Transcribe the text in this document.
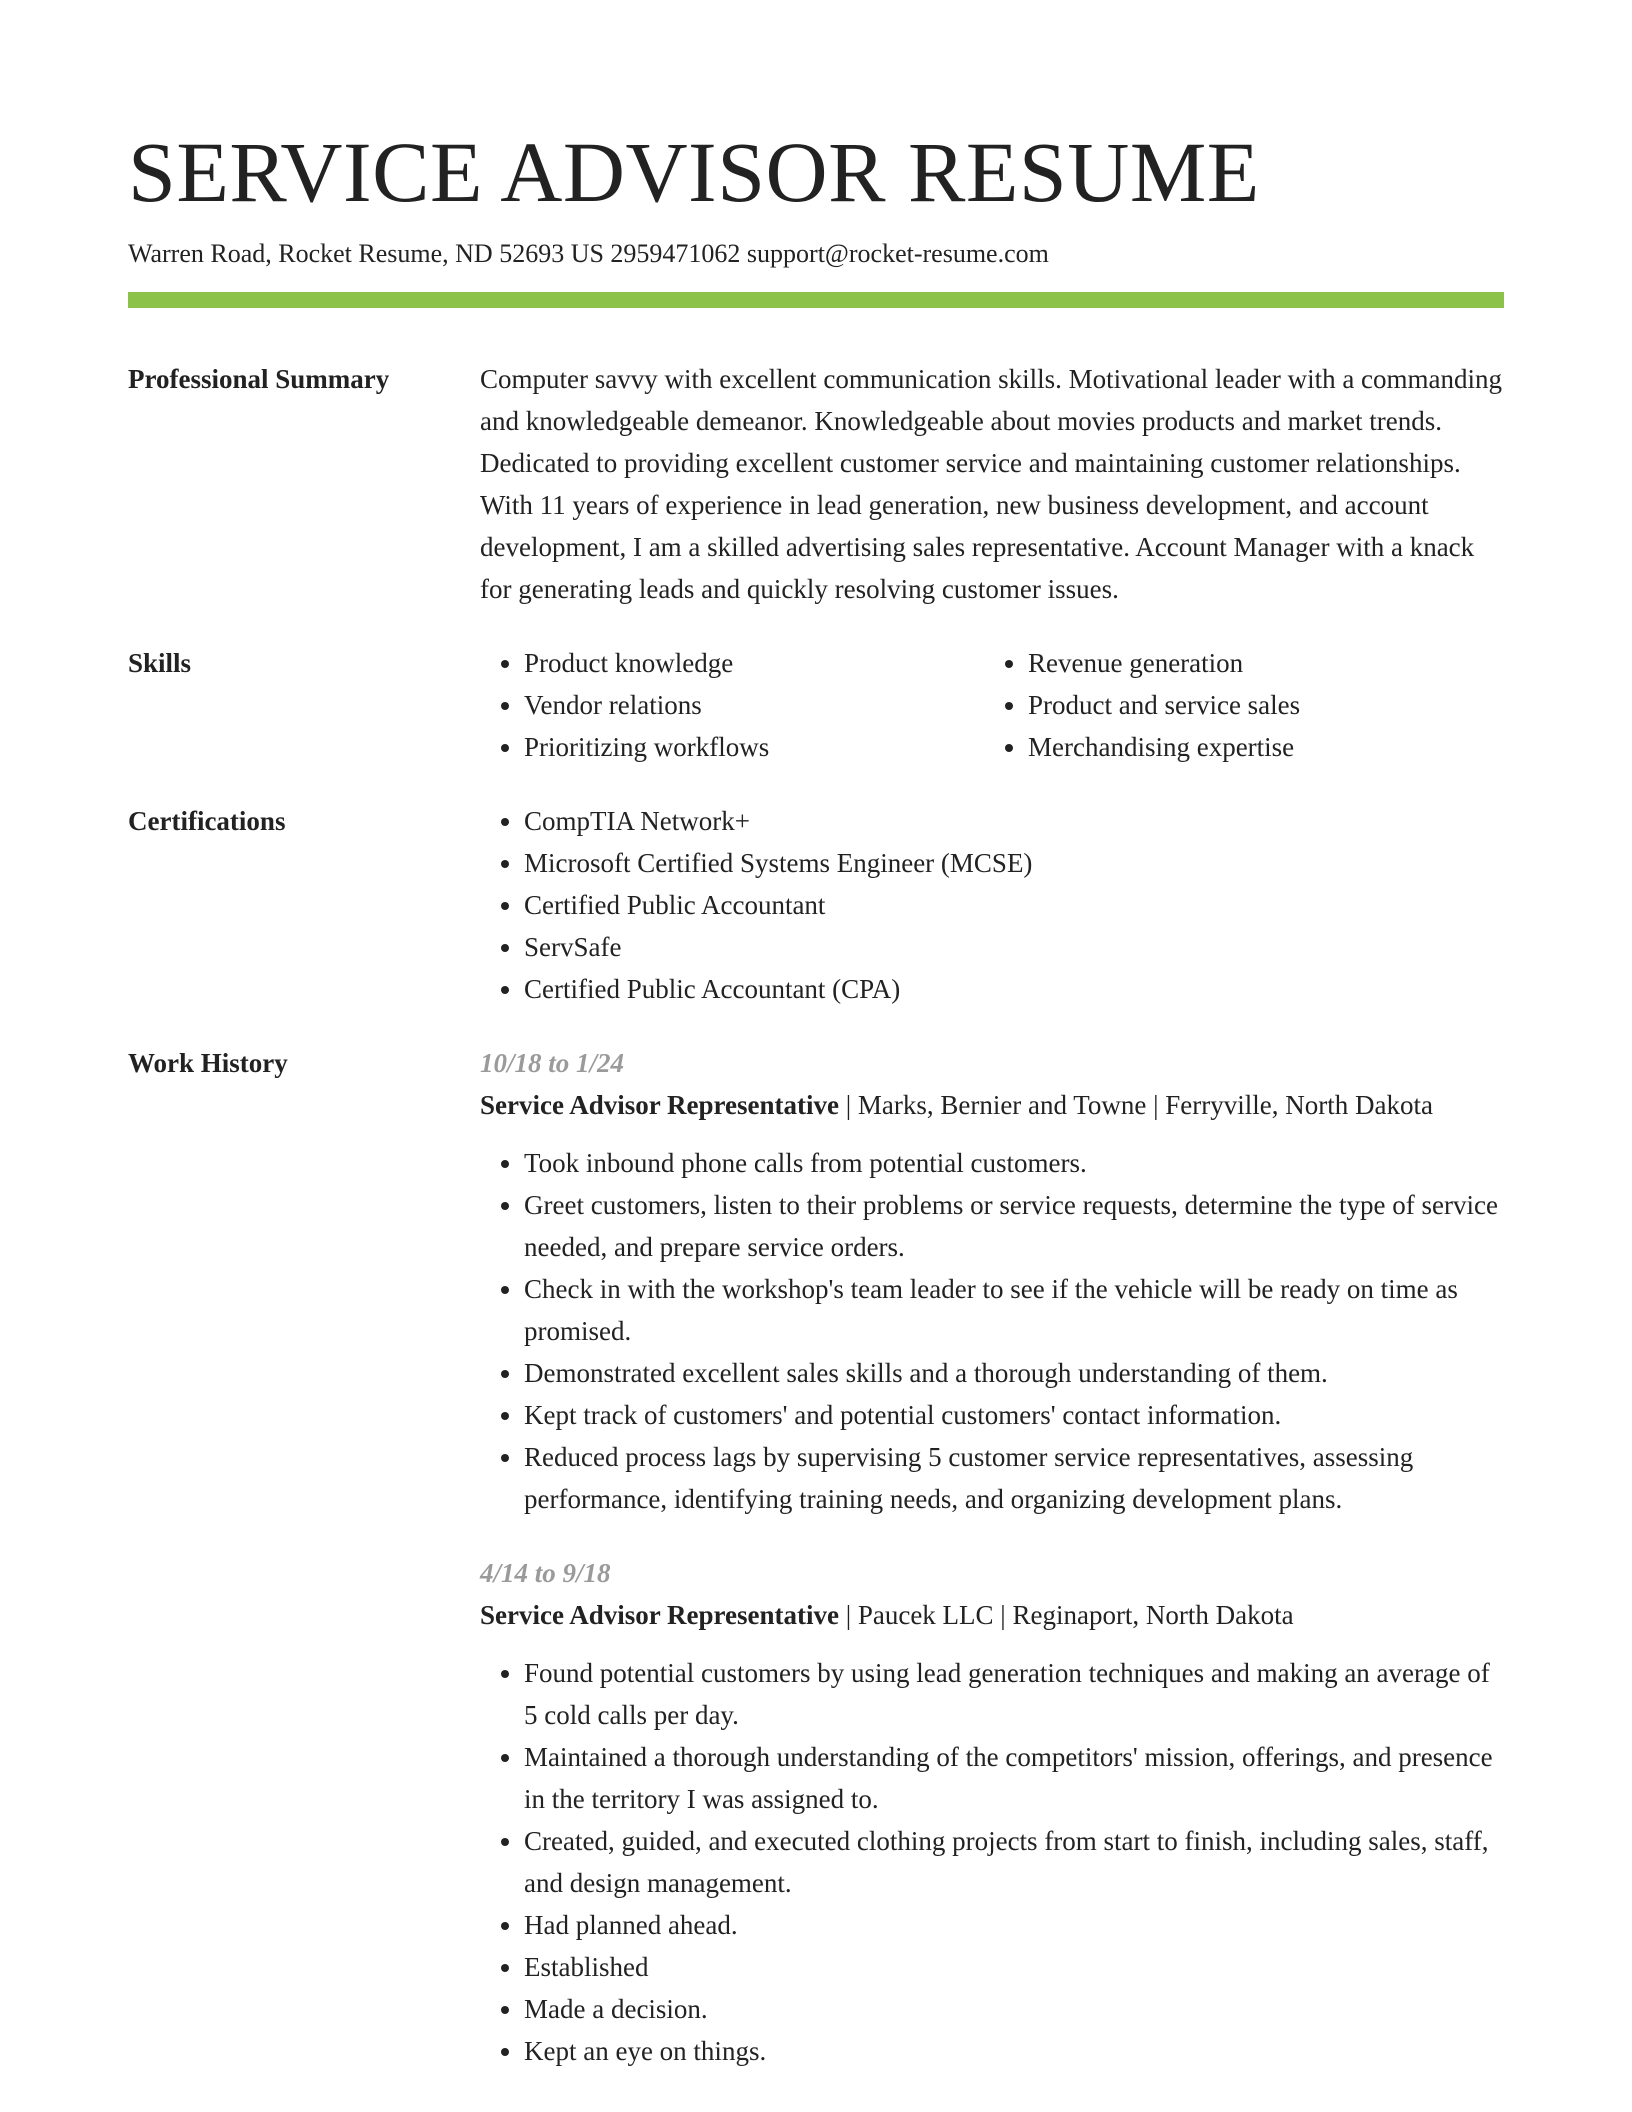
SERVICE ADVISOR RESUME
Warren Road, Rocket Resume, ND 52693 US 2959471062 support@rocket-resume.com
Professional Summary	Computer savvy with excellent communication skills. Motivational leader with a commanding and knowledgeable demeanor. Knowledgeable about movies products and market trends. Dedicated to providing excellent customer service and maintaining customer relationships. With 11 years of experience in lead generation, new business development, and account development, I am a skilled advertising sales representative. Account Manager with a knack for generating leads and quickly resolving customer issues.
Skills	• Product knowledge
• Vendor relations
• Prioritizing workflows
• Revenue generation
• Product and service sales
• Merchandising expertise
Certifications	• CompTIA Network+
• Microsoft Certified Systems Engineer (MCSE)
• Certified Public Accountant
• ServSafe
• Certified Public Accountant (CPA)
Work History	10/18 to 1/24
Service Advisor Representative | Marks, Bernier and Towne | Ferryville, North Dakota
• Took inbound phone calls from potential customers.
• Greet customers, listen to their problems or service requests, determine the type of service needed, and prepare service orders.
• Check in with the workshop's team leader to see if the vehicle will be ready on time as promised.
• Demonstrated excellent sales skills and a thorough understanding of them.
• Kept track of customers' and potential customers' contact information.
• Reduced process lags by supervising 5 customer service representatives, assessing performance, identifying training needs, and organizing development plans.
4/14 to 9/18
Service Advisor Representative | Paucek LLC | Reginaport, North Dakota
• Found potential customers by using lead generation techniques and making an average of 5 cold calls per day.
• Maintained a thorough understanding of the competitors' mission, offerings, and presence in the territory I was assigned to.
• Created, guided, and executed clothing projects from start to finish, including sales, staff, and design management.
• Had planned ahead.
• Established
• Made a decision.
• Kept an eye on things.
